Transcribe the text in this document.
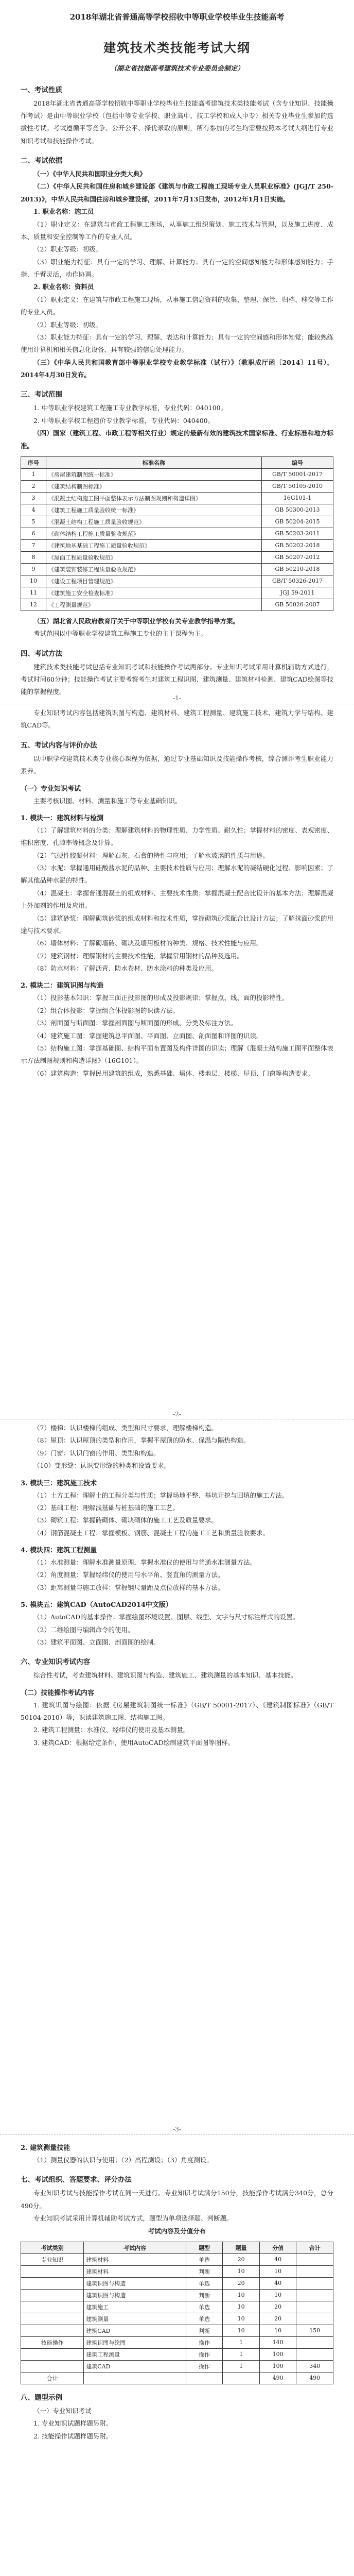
2018年湖北省普通高等学校招收中等职业学校毕业生技能高考
建筑技术类技能考试大纲
（湖北省技能高考建筑技术专业委员会制定）
一、考试性质

2018年湖北省普通高等学校招收中等职业学校毕业生技能高考建筑技术类技能考试（含专业知识、技能操作考试）是由中等职业学校（包括中等专业学校、职业高中、技工学校和成人中专）相关专业毕业生参加的选拔性考试。考试遵循平等竞争、公开公平、择优录取的原则，所有参加的考生均需要按照本考试大纲进行专业知识考试和技能操作考试。

二、考试依据

（一）《中华人民共和国职业分类大典》

（二）《中华人民共和国住房和城乡建设部《建筑与市政工程施工现场专业人员职业标准》(JGJ/T 250-2013)》，中华人民共和国住房和城乡建设部，2011年7月13日发布，2012年1月1日实施。

1. 职业名称：施工员

（1）职业定义：在建筑与市政工程施工现场，从事施工组织策划、施工技术与管理，以及施工进度、成本、质量和安全控制等工作的专业人员。

（2）职业等级：初级。

（3）职业能力特征：具有一定的学习、理解、计算能力；具有一定的空间感知能力和形体感知能力；手指、手臂灵活，动作协调。

2. 职业名称：资料员

（1）职业定义：在建筑与市政工程施工现场，从事施工信息资料的收集、整理、保管、归档、移交等工作的专业人员。

（2）职业等级：初级。

（3）职业能力特征：具有一定的学习、理解、表达和计算能力；具有一定的空间感和形体知觉；能较熟练使用计算机和相关信息化设备，具有较强的信息处理能力。

（三）《中华人民共和国教育部中等职业学校专业教学标准（试行）》（教职成厅函〔2014〕11号），2014年4月30日发布。

三、考试范围

1. 中等职业学校建筑工程施工专业教学标准，专业代码：040100。

2. 中等职业学校工程造价专业教学标准，专业代码：040400。

（四）国家（建筑工程、市政工程等相关行业）规定的最新有效的建筑技术国家标准、行业标准和地方标准。

序号	标准名称	编号
1	《房屋建筑制图统一标准》	GB/T 50001-2017
2	《建筑结构制图标准》	GB/T 50105-2010
3	《混凝土结构施工图平面整体表示方法制图规则和构造详图》	16G101-1
4	《建筑工程施工质量验收统一标准》	GB 50300-2013
5	《混凝土结构工程施工质量验收规范》	GB 50204-2015
6	《砌体结构工程施工质量验收规范》	GB 50203-2011
7	《建筑地基基础工程施工质量验收规范》	GB 50202-2018
8	《屋面工程质量验收规范》	GB 50207-2012
9	《建筑装饰装修工程质量验收规范》	GB 50210-2018
10	《建设工程项目管理规范》	GB/T 50326-2017
11	《建筑施工安全检查标准》	JGJ 59-2011
12	《工程测量规范》	GB 50026-2007

（五）湖北省人民政府教育厅关于中等职业学校有关专业教学指导方案。

考试范围以中等职业学校建筑工程施工专业的主干课程为主。

四、考试方法

建筑技术类技能考试包括专业知识考试和技能操作考试两部分。专业知识考试采用计算机辅助方式进行，考试时间60分钟；技能操作考试主要考察考生对建筑工程识图、建筑测量、建筑材料检测、建筑CAD绘图等技能的掌握程度。

-1-

专业知识考试内容包括建筑识图与构造、建筑材料、建筑工程测量、建筑施工技术、建筑力学与结构、建筑CAD等。

五、考试内容与评价办法

以中职学校建筑技术类专业核心课程为依据，通过专业基础知识及技能操作考核，综合测评考生职业能力素养。

（一）专业知识考试

主要考核识图、材料、测量和施工等专业基础知识。

1. 模块一：建筑材料与检测

（1）了解建筑材料的分类；理解建筑材料的物理性质、力学性质、耐久性；掌握材料的密度、表观密度、堆积密度、孔隙率等概念及计算。

（2）气硬性胶凝材料：理解石灰、石膏的特性与应用；了解水玻璃的性质与用途。

（3）水泥：掌握通用硅酸盐水泥的品种、主要技术性质与应用；理解水泥的凝结硬化过程、影响因素；了解其他品种水泥的特性。

（4）混凝土：掌握普通混凝土的组成材料、主要技术性质；掌握混凝土配合比设计的基本方法；理解混凝土外加剂的作用及应用。

（5）建筑砂浆：理解砌筑砂浆的组成材料和技术性质，掌握砌筑砂浆配合比设计方法；了解抹面砂浆的用途与技术要求。

（6）墙体材料：了解砌墙砖、砌块及墙用板材的种类、规格、技术性能与应用。

（7）建筑钢材：理解钢材的主要技术性能，掌握常用钢材的品种及选用。

（8）防水材料：了解沥青、防水卷材、防水涂料的种类及应用。

2. 模块二：建筑识图与构造

（1）投影基本知识：掌握三面正投影图的形成及投影规律；掌握点、线、面的投影特性。

（2）组合体投影：掌握组合体投影图的识读方法。

（3）剖面图与断面图：掌握剖面图与断面图的形成、分类及标注方法。

（4）建筑施工图：掌握建筑总平面图、平面图、立面图、剖面图和详图的识读。

（5）结构施工图：掌握基础图、结构平面布置图及构件详图的识读；理解《混凝土结构施工图平面整体表示方法制图规则和构造详图》（16G101）。

（6）建筑构造：掌握民用建筑的组成，熟悉基础、墙体、楼地层、楼梯、屋顶、门窗等构造要求。

-2-

（7）楼梯：认识楼梯的组成、类型和尺寸要求，理解楼梯构造。

（8）屋顶：认识屋顶的类型和作用，掌握平屋顶的防水、保温与隔热构造。

（9）门窗：认识门窗的作用、类型和构造。

（10）变形缝：认识变形缝的种类和设置要求。

3. 模块三：建筑施工技术

（1）土方工程：理解土的工程分类与性质；掌握场地平整、基坑开挖与回填的施工方法。

（2）基础工程：理解浅基础与桩基础的施工工艺。

（3）砌筑工程：掌握砖砌体、砌块砌体的施工工艺及质量要求。

（4）钢筋混凝土工程：掌握模板、钢筋、混凝土工程的施工工艺和质量验收要求。

4. 模块四：建筑工程测量

（1）水准测量：理解水准测量原理，掌握水准仪的使用与普通水准测量方法。

（2）角度测量：掌握经纬仪的使用与水平角、竖直角的测量方法。

（3）距离测量与施工放样：掌握钢尺量距及点位放样的基本方法。

5. 模块五：建筑CAD（AutoCAD2014中文版）

（1）AutoCAD的基本操作：掌握绘图环境设置、图层、线型、文字与尺寸标注样式的设置。

（2）二维绘图与编辑命令的使用。

（3）建筑平面图、立面图、剖面图的绘制。

六、专业知识考试内容

综合性考试，考查建筑材料、建筑识图与构造、建筑施工、建筑测量的基本知识、基本技能。

（二）技能操作考试内容

1. 建筑识图与绘图：依据《房屋建筑制图统一标准》（GB/T 50001-2017）、《建筑制图标准》（GB/T 50104-2010）等，识读建筑施工图、结构施工图。

2. 建筑工程测量：水准仪、经纬仪的使用及基本测量。

3. 建筑CAD：根据给定条件，使用AutoCAD绘制建筑平面图等图样。

-3-
2. 建筑测量技能

（1）测量仪器的认识与使用；（2）高程测设；（3）角度测设。

七、考试组织、答题要求、评分办法

专业知识考试与技能操作考试在同一天进行。专业知识考试满分150分，技能操作考试满分340分，总分490分。

专业知识考试采用计算机辅助考试方式，题型为单项选择题、判断题。

考试内容及分值分布

考试类别	考试内容	题型	题量	分值	合计
专业知识	建筑材料	单选	20	40	
	建筑材料	判断	10	10	
	建筑识图与构造	单选	20	40	
	建筑识图与构造	判断	10	10	
	建筑施工	单选	10	20	
	建筑测量	单选	10	20	
	建筑CAD	判断	10	10	150
技能操作	建筑识图与绘图	操作	1	140	
	建筑工程测量	操作	1	100	
	建筑CAD	操作	1	100	340
合计				490	490
八、题型示例

（一）专业知识考试

1. 专业知识试题样题另附。

2. 技能操作试题样题另附。
